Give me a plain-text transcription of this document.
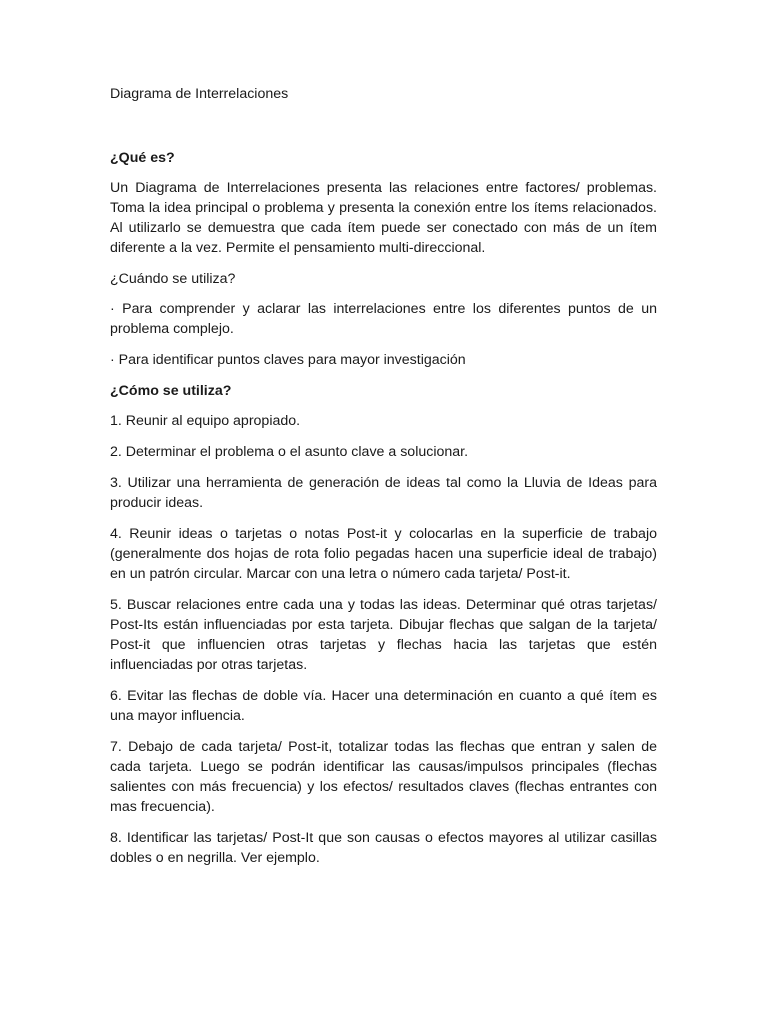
Diagrama de Interrelaciones

¿Qué es?

Un Diagrama de Interrelaciones presenta las relaciones entre factores/ problemas. Toma la idea principal o problema y presenta la conexión entre los ítems relacionados. Al utilizarlo se demuestra que cada ítem puede ser conectado con más de un ítem diferente a la vez. Permite el pensamiento multi-direccional.

¿Cuándo se utiliza?

· Para comprender y aclarar las interrelaciones entre los diferentes puntos de un problema complejo.

· Para identificar puntos claves para mayor investigación

¿Cómo se utiliza?

1. Reunir al equipo apropiado.

2. Determinar el problema o el asunto clave a solucionar.

3. Utilizar una herramienta de generación de ideas tal como la Lluvia de Ideas para producir ideas.

4. Reunir ideas o tarjetas o notas Post-it y colocarlas en la superficie de trabajo (generalmente dos hojas de rota folio pegadas hacen una superficie ideal de trabajo) en un patrón circular. Marcar con una letra o número cada tarjeta/ Post-it.

5. Buscar relaciones entre cada una y todas las ideas. Determinar qué otras tarjetas/ Post-Its están influenciadas por esta tarjeta. Dibujar flechas que salgan de la tarjeta/ Post-it que influencien otras tarjetas y flechas hacia las tarjetas que estén influenciadas por otras tarjetas.

6. Evitar las flechas de doble vía. Hacer una determinación en cuanto a qué ítem es una mayor influencia.

7. Debajo de cada tarjeta/ Post-it, totalizar todas las flechas que entran y salen de cada tarjeta. Luego se podrán identificar las causas/impulsos principales (flechas salientes con más frecuencia) y los efectos/ resultados claves (flechas entrantes con mas frecuencia).

8. Identificar las tarjetas/ Post-It que son causas o efectos mayores al utilizar casillas dobles o en negrilla. Ver ejemplo.
